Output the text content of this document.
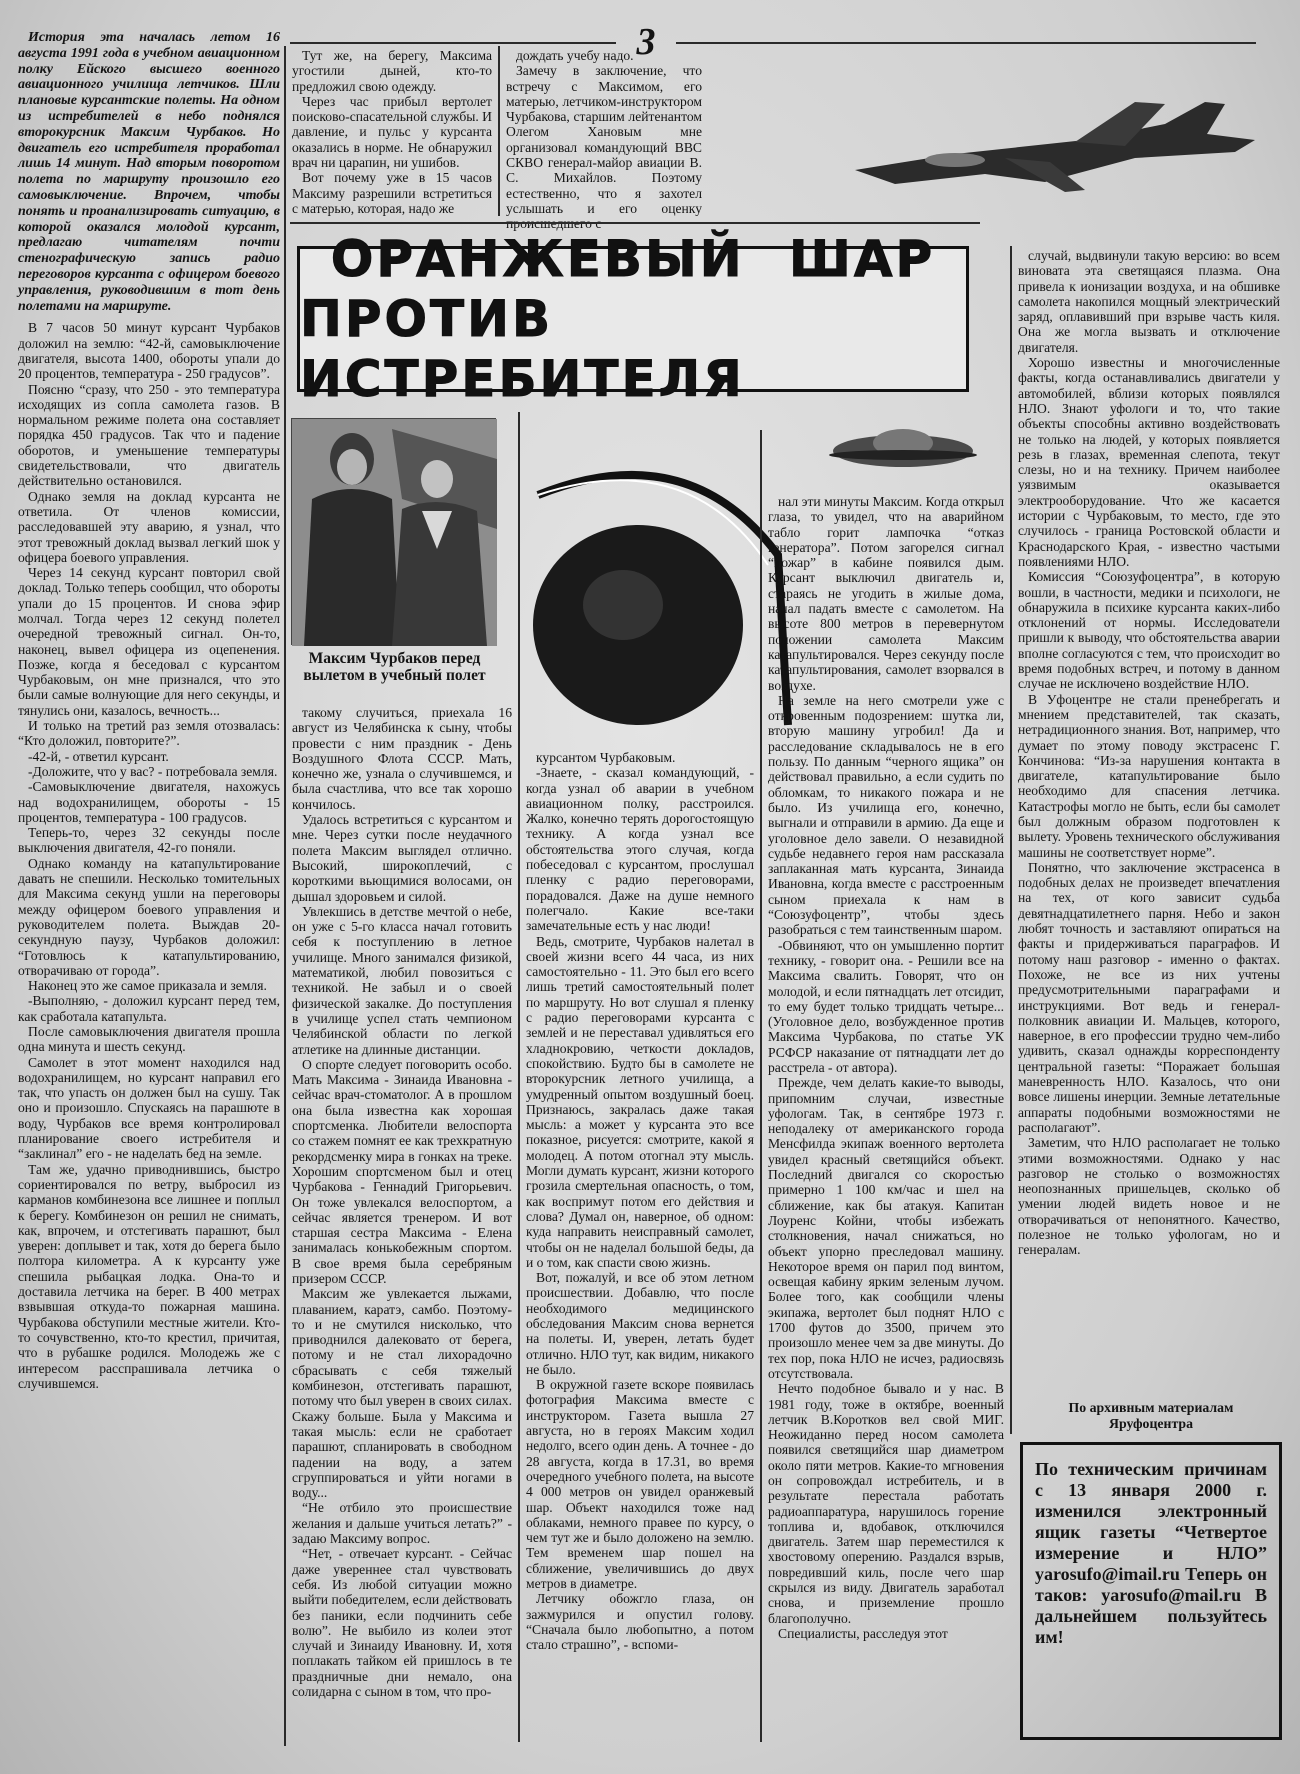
3

История эта началась летом 16 августа 1991 года в учебном авиационном полку Ейского высшего военного авиационного училища летчиков. Шли плановые курсантские полеты. На одном из истребителей в небо поднялся второкурсник Максим Чурбаков. Но двигатель его истребителя проработал лишь 14 минут. Над вторым поворотом полета по маршруту произошло его самовыключение. Впрочем, чтобы понять и проанализировать ситуацию, в которой оказался молодой курсант, предлагаю читателям почти стенографическую запись радио переговоров курсанта с офицером боевого управления, руководившим в тот день полетами на маршруте.

В 7 часов 50 минут курсант Чурбаков доложил на землю: “42-й, самовыключение двигателя, высота 1400, обороты упали до 20 процентов, температура - 250 градусов”.

Поясню “сразу, что 250 - это температура исходящих из сопла самолета газов. В нормальном режиме полета она составляет порядка 450 градусов. Так что и падение оборотов, и уменьшение температуры свидетельствовали, что двигатель действительно остановился.

Однако земля на доклад курсанта не ответила. От членов комиссии, расследовавшей эту аварию, я узнал, что этот тревожный доклад вызвал легкий шок у офицера боевого управления.

Через 14 секунд курсант повторил свой доклад. Только теперь сообщил, что обороты упали до 15 процентов. И снова эфир молчал. Тогда через 12 секунд полетел очередной тревожный сигнал. Он-то, наконец, вывел офицера из оцепенения. Позже, когда я беседовал с курсантом Чурбаковым, он мне признался, что это были самые волнующие для него секунды, и тянулись они, казалось, вечность...

И только на третий раз земля отозвалась: “Кто доложил, повторите?”.

-42-й, - ответил курсант.

-Доложите, что у вас? - потребовала земля.

-Самовыключение двигателя, нахожусь над водохранилищем, обороты - 15 процентов, температура - 100 градусов.

Теперь-то, через 32 секунды после выключения двигателя, 42-го поняли.

Однако команду на катапультирование давать не спешили. Несколько томительных для Максима секунд ушли на переговоры между офицером боевого управления и руководителем полета. Выждав 20-секундную паузу, Чурбаков доложил: “Готовлюсь к катапультированию, отворачиваю от города”.

Наконец это же самое приказала и земля.

-Выполняю, - доложил курсант перед тем, как сработала катапульта.

После самовыключения двигателя прошла одна минута и шесть секунд.

Самолет в этот момент находился над водохранилищем, но курсант направил его так, что упасть он должен был на сушу. Так оно и произошло. Спускаясь на парашюте в воду, Чурбаков все время контролировал планирование своего истребителя и “заклинал” его - не наделать бед на земле.

Там же, удачно приводнившись, быстро сориентировался по ветру, выбросил из карманов комбинезона все лишнее и поплыл к берегу. Комбинезон он решил не снимать, как, впрочем, и отстегивать парашют, был уверен: доплывет и так, хотя до берега было полтора километра. А к курсанту уже спешила рыбацкая лодка. Она-то и доставила летчика на берег. В 400 метрах взвывшая откуда-то пожарная машина. Чурбакова обступили местные жители. Кто-то сочувственно, кто-то крестил, причитая, что в рубашке родился. Молодежь же с интересом расспрашивала летчика о случившемся.

Тут же, на берегу, Максима угостили дыней, кто-то предложил свою одежду.

Через час прибыл вертолет поисково-спасательной службы. И давление, и пульс у курсанта оказались в норме. Не обнаружил врач ни царапин, ни ушибов.

Вот почему уже в 15 часов Максиму разрешили встретиться с матерью, которая, надо же

дождать учебу надо.

Замечу в заключение, что встречу с Максимом, его матерью, летчиком-инструктором Чурбакова, старшим лейтенантом Олегом Хановым мне организовал командующий ВВС СКВО генерал-майор авиации В. С. Михайлов. Поэтому естественно, что я захотел услышать и его оценку

ОРАНЖЕВЫЙ ШАР
ПРОТИВ ИСТРЕБИТЕЛЯ
Максим Чурбаков перед вылетом в учебный полет

такому случиться, приехала 16 август из Челябинска к сыну, чтобы провести с ним праздник - День Воздушного Флота СССР. Мать, конечно же, узнала о случившемся, и была счастлива, что все так хорошо кончилось.

Удалось встретиться с курсантом и мне. Через сутки после неудачного полета Максим выглядел отлично. Высокий, широкоплечий, с короткими вьющимися волосами, он дышал здоровьем и силой.

Увлекшись в детстве мечтой о небе, он уже с 5-го класса начал готовить себя к поступлению в летное училище. Много занимался физикой, математикой, любил повозиться с техникой. Не забыл и о своей физической закалке. До поступления в училище успел стать чемпионом Челябинской области по легкой атлетике на длинные дистанции.

О спорте следует поговорить особо. Мать Максима - Зинаида Ивановна - сейчас врач-стоматолог. А в прошлом она была известна как хорошая спортсменка. Любители велоспорта со стажем помнят ее как трехкратную рекордсменку мира в гонках на треке. Хорошим спортсменом был и отец Чурбакова - Геннадий Григорьевич. Он тоже увлекался велоспортом, а сейчас является тренером. И вот старшая сестра Максима - Елена занималась конькобежным спортом. В свое время была серебряным призером СССР.

Максим же увлекается лыжами, плаванием, каратэ, самбо. Поэтому-то и не смутился нисколько, что приводнился далековато от берега, потому и не стал лихорадочно сбрасывать с себя тяжелый комбинезон, отстегивать парашют, потому что был уверен в своих силах. Скажу больше. Была у Максима и такая мысль: если не сработает парашют, спланировать в свободном падении на воду, а затем сгруппироваться и уйти ногами в воду...

“Не отбило это происшествие желания и дальше учиться летать?” - задаю Максиму вопрос.

“Нет, - отвечает курсант. - Сейчас даже увереннее стал чувствовать себя. Из любой ситуации можно выйти победителем, если действовать без паники, если подчинить себе волю”. Не выбило из колеи этот случай и Зинаиду Ивановну. И, хотя поплакать тайком ей пришлось в те праздничные дни немало, она солидарна с сыном в том, что про-

курсантом Чурбаковым.

-Знаете, - сказал командующий, - когда узнал об аварии в учебном авиационном полку, расстроился. Жалко, конечно терять дорогостоящую технику. А когда узнал все обстоятельства этого случая, когда побеседовал с курсантом, прослушал пленку с радио переговорами, порадовался. Даже на душе немного полегчало. Какие все-таки замечательные есть у нас люди!

Ведь, смотрите, Чурбаков налетал в своей жизни всего 44 часа, из них самостоятельно - 11. Это был его всего лишь третий самостоятельный полет по маршруту. Но вот слушал я пленку с радио переговорами курсанта с землей и не переставал удивляться его хладнокровию, четкости докладов, спокойствию. Будто бы в самолете не второкурсник летного училища, а умудренный опытом воздушный боец. Признаюсь, закралась даже такая мысль: а может у курсанта это все показное, рисуется: смотрите, какой я молодец. А потом отогнал эту мысль. Могли думать курсант, жизни которого грозила смертельная опасность, о том, как воспримут потом его действия и слова? Думал он, наверное, об одном: куда направить неисправный самолет, чтобы он не наделал большой беды, да и о том, как спасти свою жизнь.

Вот, пожалуй, и все об этом летном происшествии. Добавлю, что после необходимого медицинского обследования Максим снова вернется на полеты. И, уверен, летать будет отлично. НЛО тут, как видим, никакого не было.

В окружной газете вскоре появилась фотография Максима вместе с инструктором. Газета вышла 27 августа, но в героях Максим ходил недолго, всего один день. А точнее - до 28 августа, когда в 17.31, во время очередного учебного полета, на высоте 4 000 метров он увидел оранжевый шар. Объект находился тоже над облаками, немного правее по курсу, о чем тут же и было доложено на землю. Тем временем шар пошел на сближение, увеличившись до двух метров в диаметре.

Летчику обожгло глаза, он зажмурился и опустил голову. “Сначала было любопытно, а потом стало страшно”, - вспоми-

нал эти минуты Максим. Когда открыл глаза, то увидел, что на аварийном табло горит лампочка “отказ генератора”. Потом загорелся сигнал “пожар” в кабине появился дым. Курсант выключил двигатель и, стараясь не угодить в жилые дома, начал падать вместе с самолетом. На высоте 800 метров в перевернутом положении самолета Максим катапультировался. Через секунду после катапультирования, самолет взорвался в воздухе.

На земле на него смотрели уже с откровенным подозрением: шутка ли, вторую машину угробил! Да и расследование складывалось не в его пользу. По данным “черного ящика” он действовал правильно, а если судить по обломкам, то никакого пожара и не было. Из училища его, конечно, выгнали и отправили в армию. Да еще и уголовное дело завели. О незавидной судьбе недавнего героя нам рассказала заплаканная мать курсанта, Зинаида Ивановна, когда вместе с расстроенным сыном приехала к нам в “Союзуфоцентр”, чтобы здесь разобраться с тем таинственным шаром.

-Обвиняют, что он умышленно портит технику, - говорит она. - Решили все на Максима свалить. Говорят, что он молодой, и если пятнадцать лет отсидит, то ему будет только тридцать четыре... (Уголовное дело, возбужденное против Максима Чурбакова, по статье УК РСФСР наказание от пятнадцати лет до расстрела - от автора).

Прежде, чем делать какие-то выводы, припомним случаи, известные уфологам. Так, в сентябре 1973 г. неподалеку от американского города Менсфилда экипаж военного вертолета увидел красный светящийся объект. Последний двигался со скоростью примерно 1 100 км/час и шел на сближение, как бы атакуя. Капитан Лоуренс Койни, чтобы избежать столкновения, начал снижаться, но объект упорно преследовал машину. Некоторое время он парил под винтом, освещая кабину ярким зеленым лучом. Более того, как сообщили члены экипажа, вертолет был поднят НЛО с 1700 футов до 3500, причем это произошло менее чем за две минуты. До тех пор, пока НЛО не исчез, радиосвязь отсутствовала.

Нечто подобное бывало и у нас. В 1981 году, тоже в октябре, военный летчик В.Коротков вел свой МИГ. Неожиданно перед носом самолета появился светящийся шар диаметром около пяти метров. Какие-то мгновения он сопровождал истребитель, и в результате перестала работать радиоаппаратура, нарушилось горение топлива и, вдобавок, отключился двигатель. Затем шар переместился к хвостовому оперению. Раздался взрыв, повредивший киль, после чего шар скрылся из виду. Двигатель заработал снова, и приземление прошло благополучно.

Специалисты, расследуя этот

случай, выдвинули такую версию: во всем виновата эта светящаяся плазма. Она привела к ионизации воздуха, и на обшивке самолета накопился мощный электрический заряд, оплавивший при взрыве часть киля. Она же могла вызвать и отключение двигателя.

Хорошо известны и многочисленные факты, когда останавливались двигатели у автомобилей, вблизи которых появлялся НЛО. Знают уфологи и то, что такие объекты способны активно воздействовать не только на людей, у которых появляется резь в глазах, временная слепота, текут слезы, но и на технику. Причем наиболее уязвимым оказывается электрооборудование. Что же касается истории с Чурбаковым, то место, где это случилось - граница Ростовской области и Краснодарского Края, - известно частыми появлениями НЛО.

Комиссия “Союзуфоцентра”, в которую вошли, в частности, медики и психологи, не обнаружила в психике курсанта каких-либо отклонений от нормы. Исследователи пришли к выводу, что обстоятельства аварии вполне согласуются с тем, что происходит во время подобных встреч, и потому в данном случае не исключено воздействие НЛО.

В Уфоцентре не стали пренебрегать и мнением представителей, так сказать, нетрадиционного знания. Вот, например, что думает по этому поводу экстрасенс Г. Кончинова: “Из-за нарушения контакта в двигателе, катапультирование было необходимо для спасения летчика. Катастрофы могло не быть, если бы самолет был должным образом подготовлен к вылету. Уровень технического обслуживания машины не соответствует норме”.

Понятно, что заключение экстрасенса в подобных делах не произведет впечатления на тех, от кого зависит судьба девятнадцатилетнего парня. Небо и закон любят точность и заставляют опираться на факты и придерживаться параграфов. И потому наш разговор - именно о фактах. Похоже, не все из них учтены предусмотрительными параграфами и инструкциями. Вот ведь и генерал-полковник авиации И. Мальцев, которого, наверное, в его профессии трудно чем-либо удивить, сказал однажды корреспонденту центральной газеты: “Поражает большая маневренность НЛО. Казалось, что они вовсе лишены инерции. Земные летательные аппараты подобными возможностями не располагают”.

Заметим, что НЛО располагает не только этими возможностями. Однако у нас разговор не столько о возможностях неопознанных пришельцев, сколько об умении людей видеть новое и не отворачиваться от непонятного. Качество, полезное не только уфологам, но и генералам.

По архивным материалам Яруфоцентра
По техническим причинам с 13 января 2000 г. изменился электронный ящик газеты “Четвертое измерение и НЛО” yarosufo@imail.ru Теперь он таков: yarosufo@mail.ru В дальнейшем пользуйтесь им!
